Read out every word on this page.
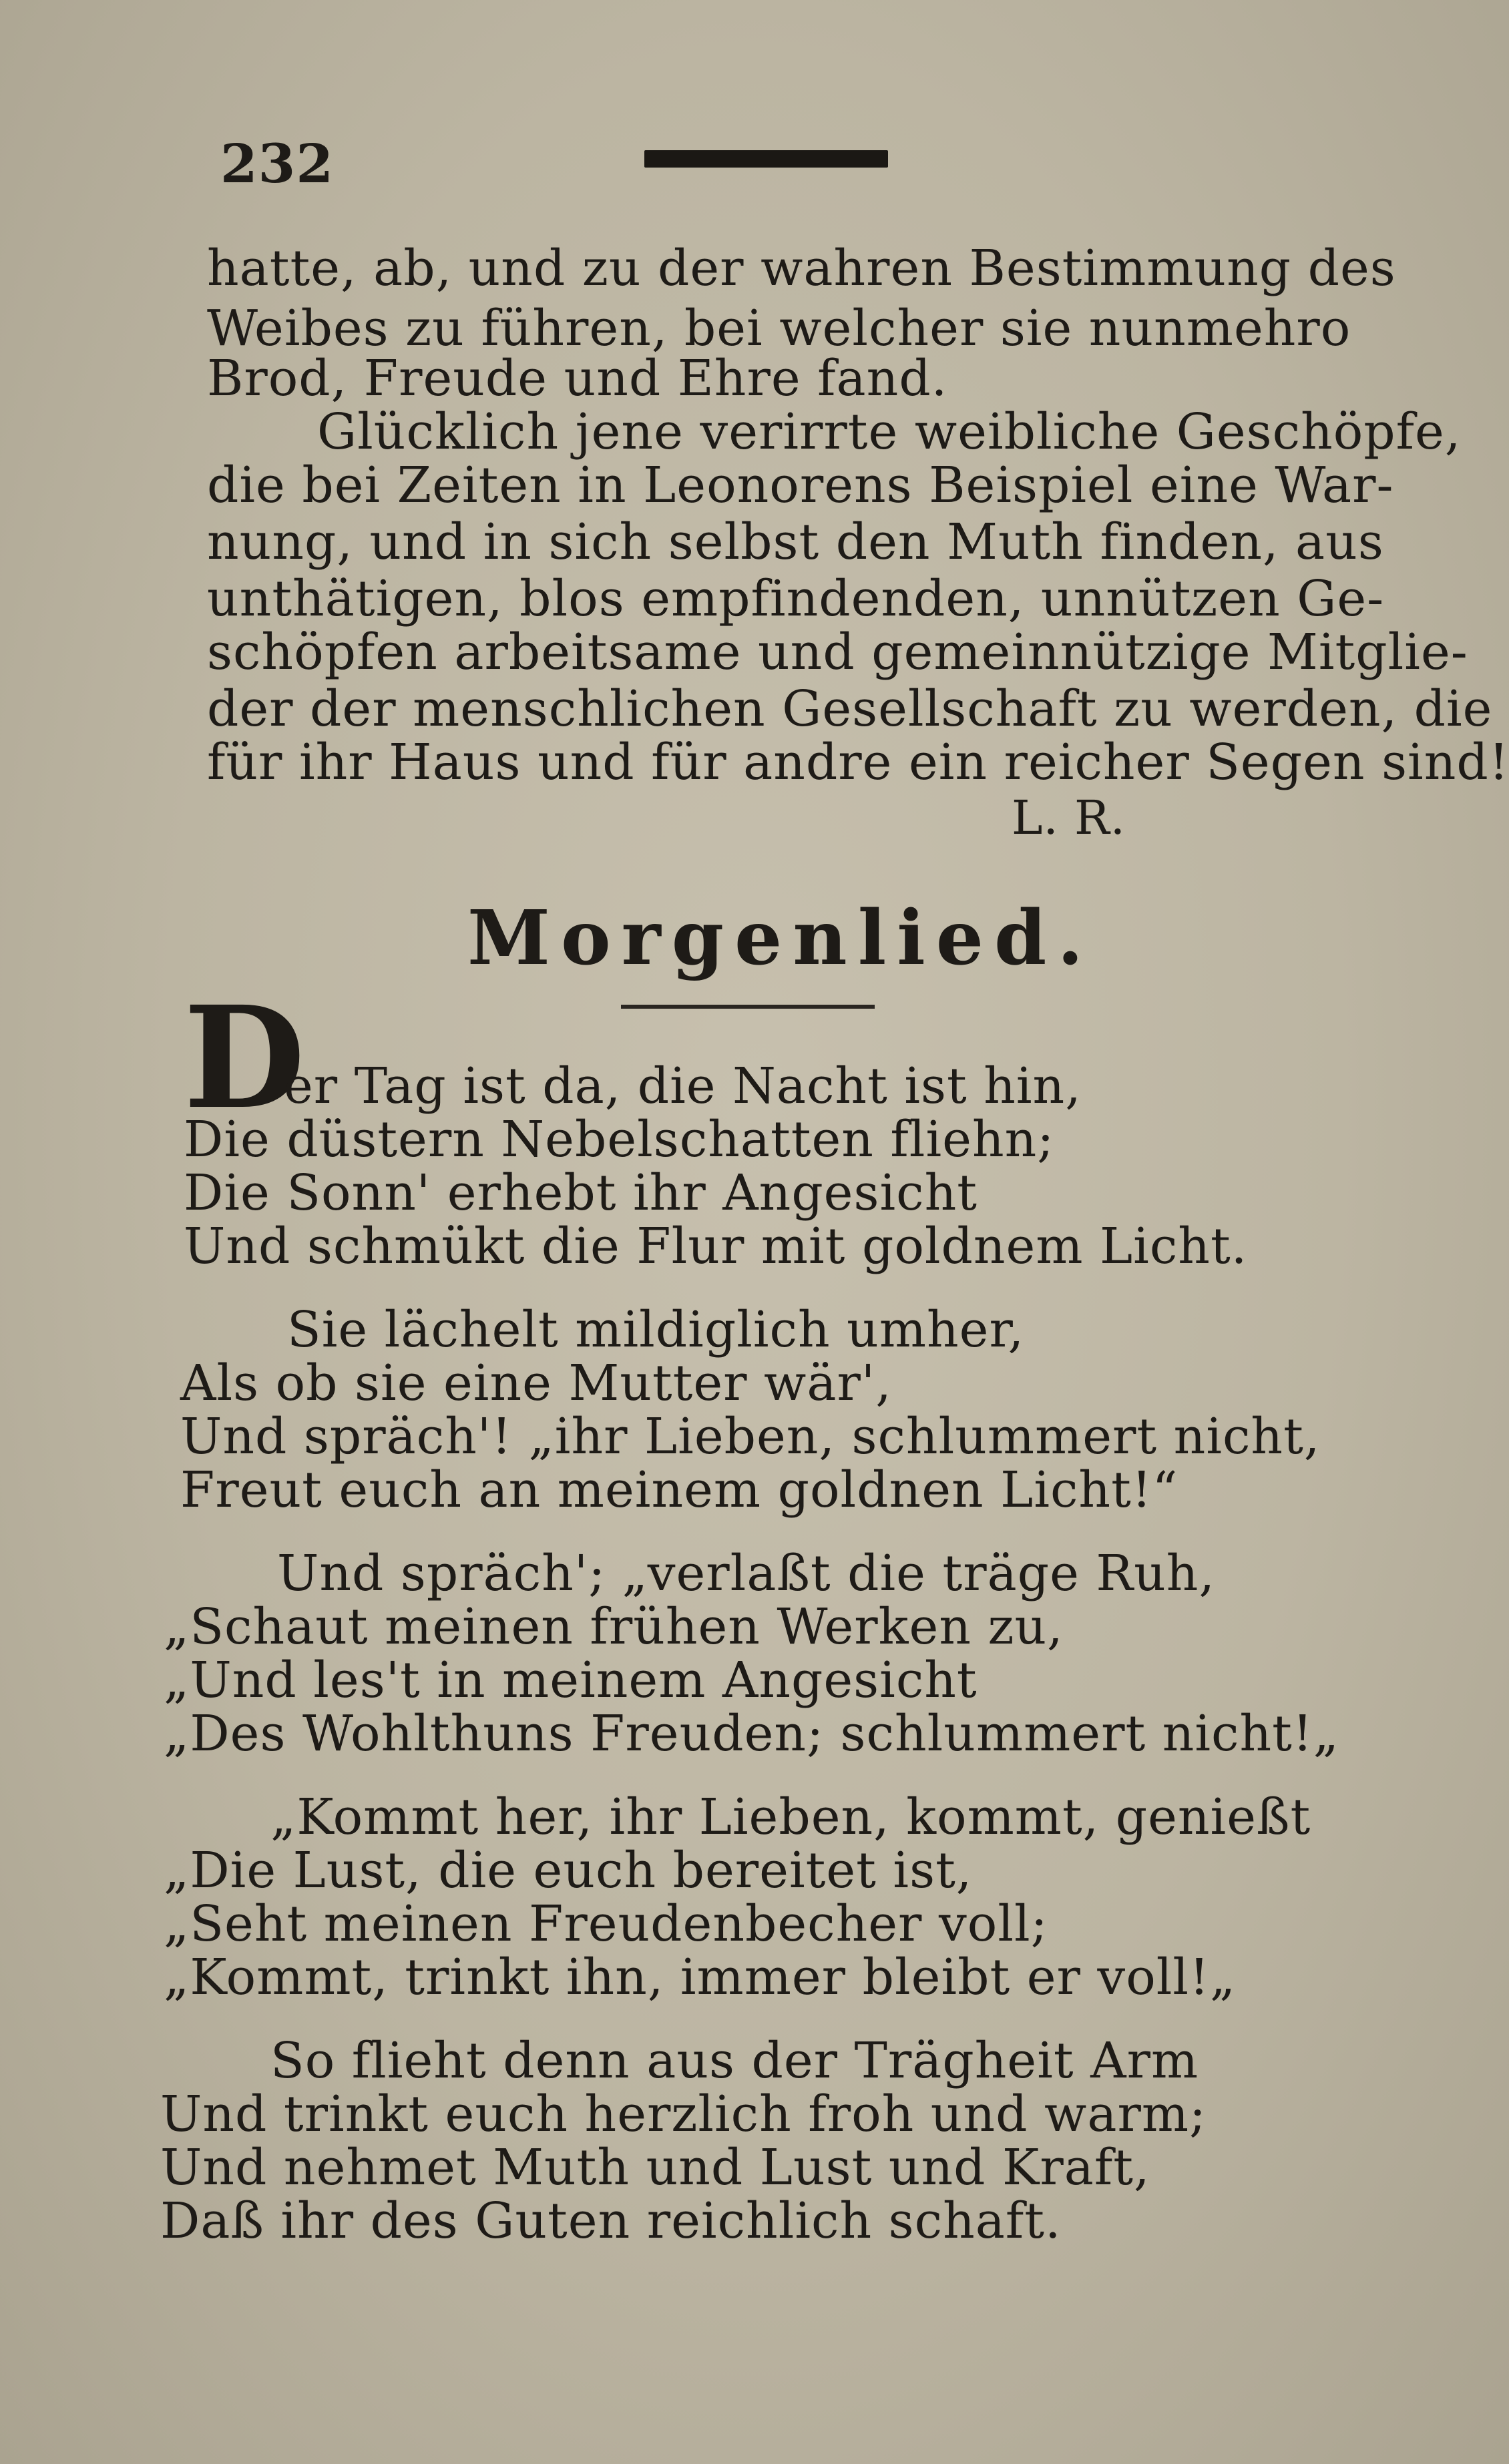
232
hatte, ab, und zu der wahren Bestimmung des
Weibes zu führen, bei welcher sie nunmehro
Brod, Freude und Ehre fand.
Glücklich jene verirrte weibliche Geschöpfe,
die bei Zeiten in Leonorens Beispiel eine War-
nung, und in sich selbst den Muth finden, aus
unthätigen, blos empfindenden, unnützen Ge-
schöpfen arbeitsame und gemeinnützige Mitglie-
der der menschlichen Gesellschaft zu werden, die
für ihr Haus und für andre ein reicher Segen sind!
L. R.
Morgenlied.
D
er Tag ist da, die Nacht ist hin,
Die düstern Nebelschatten fliehn;
Die Sonn' erhebt ihr Angesicht
Und schmükt die Flur mit goldnem Licht.
Sie lächelt mildiglich umher,
Als ob sie eine Mutter wär',
Und spräch'! „ihr Lieben, schlummert nicht,
Freut euch an meinem goldnen Licht!“
Und spräch'; „verlaßt die träge Ruh,
„Schaut meinen frühen Werken zu,
„Und les't in meinem Angesicht
„Des Wohlthuns Freuden; schlummert nicht!„
„Kommt her, ihr Lieben, kommt, genießt
„Die Lust, die euch bereitet ist,
„Seht meinen Freudenbecher voll;
„Kommt, trinkt ihn, immer bleibt er voll!„
So flieht denn aus der Trägheit Arm
Und trinkt euch herzlich froh und warm;
Und nehmet Muth und Lust und Kraft,
Daß ihr des Guten reichlich schaft.
